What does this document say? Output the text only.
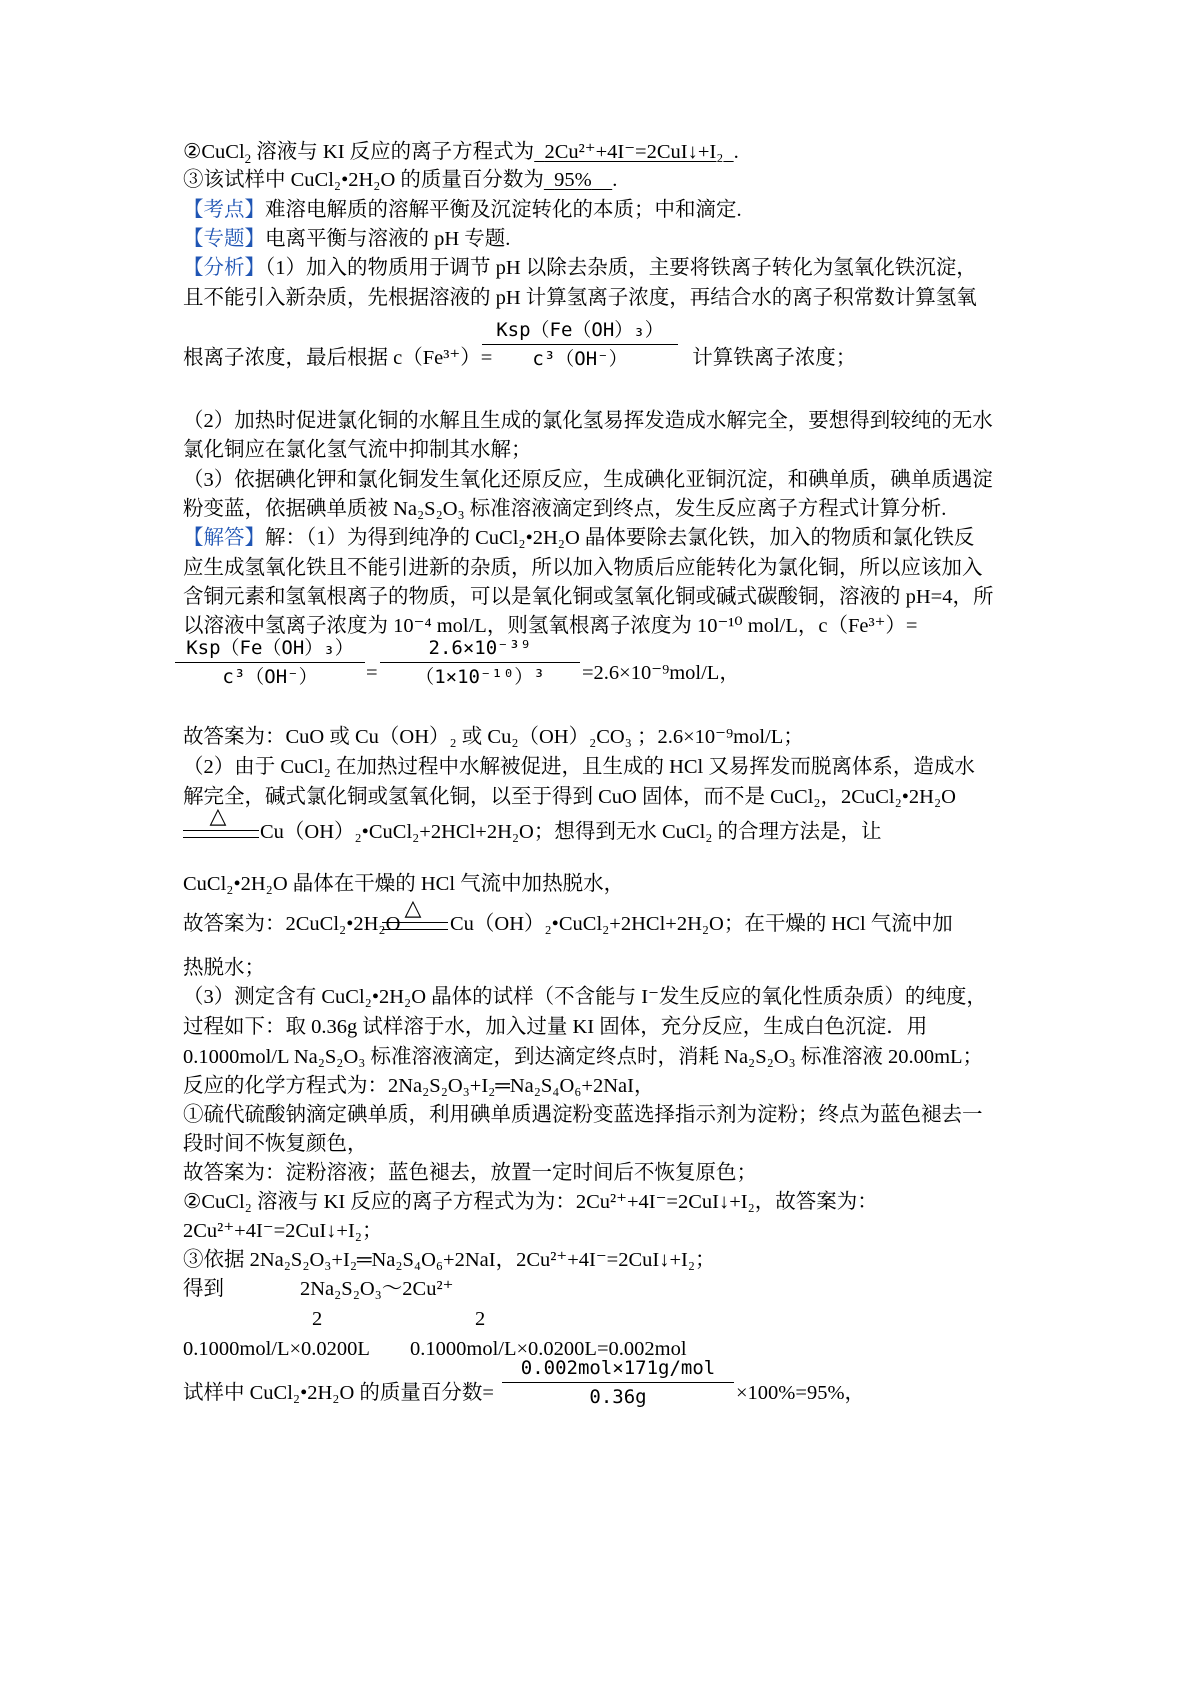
②CuCl$_2$ 溶液与 KI 反应的离子方程式为 2Cu²⁺+4I⁻=2CuI↓+I₂ .
③该试样中 CuCl₂•2H₂O 的质量百分数为 95% .
【考点】难溶电解质的溶解平衡及沉淀转化的本质；中和滴定.
【专题】电离平衡与溶液的 pH 专题.
【分析】（1）加入的物质用于调节 pH 以除去杂质，主要将铁离子转化为氢氧化铁沉淀，
且不能引入新杂质，先根据溶液的 pH 计算氢离子浓度，再结合水的离子积常数计算氢氧
根离子浓度，最后根据 c（Fe³⁺）=	计算铁离子浓度；
Ksp（Fe（OH）₃）
c³（OH⁻）
（2）加热时促进氯化铜的水解且生成的氯化氢易挥发造成水解完全，要想得到较纯的无水
氯化铜应在氯化氢气流中抑制其水解；
（3）依据碘化钾和氯化铜发生氧化还原反应，生成碘化亚铜沉淀，和碘单质，碘单质遇淀
粉变蓝，依据碘单质被 Na₂S₂O₃ 标准溶液滴定到终点，发生反应离子方程式计算分析.
【解答】解：（1）为得到纯净的 CuCl₂•2H₂O 晶体要除去氯化铁，加入的物质和氯化铁反
应生成氢氧化铁且不能引进新的杂质，所以加入物质后应能转化为氯化铜，所以应该加入
含铜元素和氢氧根离子的物质，可以是氧化铜或氢氧化铜或碱式碳酸铜，溶液的 pH=4，所
以溶液中氢离子浓度为 10⁻⁴ mol/L，则氢氧根离子浓度为 10⁻¹⁰ mol/L，c（Fe³⁺）=
Ksp（Fe（OH）₃）
c³（OH⁻）	=
2.6×10⁻³⁹
（1×10⁻¹⁰）³	=2.6×10⁻⁹mol/L，
故答案为：CuO 或 Cu（OH）₂ 或 Cu₂（OH）₂CO₃ ；2.6×10⁻⁹mol/L；
（2）由于 CuCl₂ 在加热过程中水解被促进，且生成的 HCl 又易挥发而脱离体系，造成水
解完全，碱式氯化铜或氢氧化铜，以至于得到 CuO 固体，而不是 CuCl₂，2CuCl₂•2H₂O
△
Cu（OH）₂•CuCl₂+2HCl+2H₂O；想得到无水 CuCl₂ 的合理方法是，让
CuCl₂•2H₂O 晶体在干燥的 HCl 气流中加热脱水，
故答案为：2CuCl₂•2H₂O
△
Cu（OH）₂•CuCl₂+2HCl+2H₂O；在干燥的 HCl 气流中加
热脱水；
（3）测定含有 CuCl₂•2H₂O 晶体的试样（不含能与 I⁻发生反应的氧化性质杂质）的纯度，
过程如下：取 0.36g 试样溶于水，加入过量 KI 固体，充分反应，生成白色沉淀．用
0.1000mol/L Na₂S₂O₃ 标准溶液滴定，到达滴定终点时，消耗 Na₂S₂O₃ 标准溶液 20.00mL；
反应的化学方程式为：2Na₂S₂O₃+I₂═Na₂S₄O₆+2NaI，
①硫代硫酸钠滴定碘单质，利用碘单质遇淀粉变蓝选择指示剂为淀粉；终点为蓝色褪去一
段时间不恢复颜色，
故答案为：淀粉溶液；蓝色褪去，放置一定时间后不恢复原色；
②CuCl₂ 溶液与 KI 反应的离子方程式为为：2Cu²⁺+4I⁻=2CuI↓+I₂，故答案为：
2Cu²⁺+4I⁻=2CuI↓+I₂；
③依据 2Na₂S₂O₃+I₂═Na₂S₄O₆+2NaI，2Cu²⁺+4I⁻=2CuI↓+I₂；
得到	2Na₂S₂O₃～2Cu²⁺
2	2
0.1000mol/L×0.0200L 0.1000mol/L×0.0200L=0.002mol
试样中 CuCl₂•2H₂O 的质量百分数=
0.002mol×171g/mol
0.36g	×100%=95%，
